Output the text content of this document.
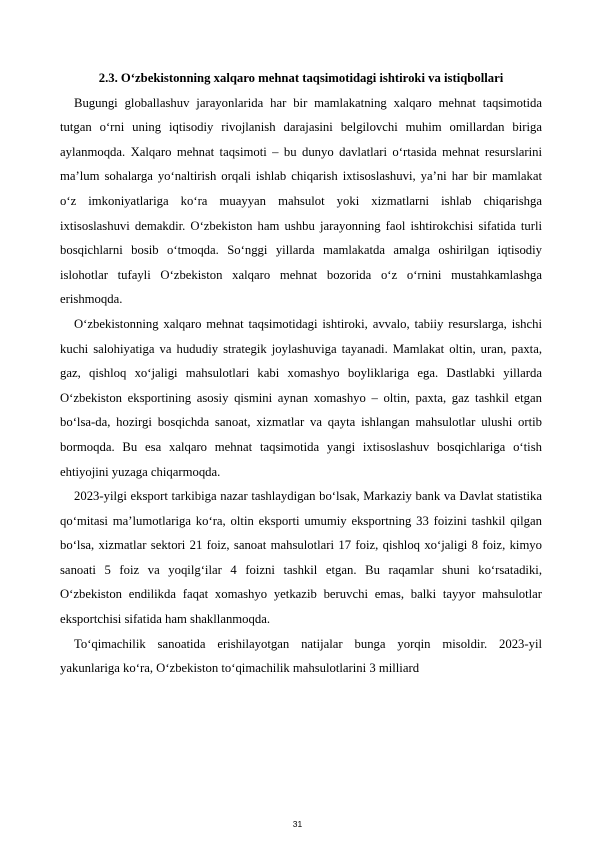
2.3. O‘zbekistonning xalqaro mehnat taqsimotidagi ishtiroki va istiqbollari

Bugungi globallashuv jarayonlarida har bir mamlakatning xalqaro mehnat taqsimotida tutgan o‘rni uning iqtisodiy rivojlanish darajasini belgilovchi muhim omillardan biriga aylanmoqda. Xalqaro mehnat taqsimoti – bu dunyo davlatlari o‘rtasida mehnat resurslarini ma’lum sohalarga yo‘naltirish orqali ishlab chiqarish ixtisoslashuvi, ya’ni har bir mamlakat o‘z imkoniyatlariga ko‘ra muayyan mahsulot yoki xizmatlarni ishlab chiqarishga ixtisoslashuvi demakdir. O‘zbekiston ham ushbu jarayonning faol ishtirokchisi sifatida turli bosqichlarni bosib o‘tmoqda. So‘nggi yillarda mamlakatda amalga oshirilgan iqtisodiy islohotlar tufayli O‘zbekiston xalqaro mehnat bozorida o‘z o‘rnini mustahkamlashga erishmoqda.

O‘zbekistonning xalqaro mehnat taqsimotidagi ishtiroki, avvalo, tabiiy resurslarga, ishchi kuchi salohiyatiga va hududiy strategik joylashuviga tayanadi. Mamlakat oltin, uran, paxta, gaz, qishloq xo‘jaligi mahsulotlari kabi xomashyo boyliklariga ega. Dastlabki yillarda O‘zbekiston eksportining asosiy qismini aynan xomashyo – oltin, paxta, gaz tashkil etgan bo‘lsa-da, hozirgi bosqichda sanoat, xizmatlar va qayta ishlangan mahsulotlar ulushi ortib bormoqda. Bu esa xalqaro mehnat taqsimotida yangi ixtisoslashuv bosqichlariga o‘tish ehtiyojini yuzaga chiqarmoqda.

2023-yilgi eksport tarkibiga nazar tashlaydigan bo‘lsak, Markaziy bank va Davlat statistika qo‘mitasi ma’lumotlariga ko‘ra, oltin eksporti umumiy eksportning 33 foizini tashkil qilgan bo‘lsa, xizmatlar sektori 21 foiz, sanoat mahsulotlari 17 foiz, qishloq xo‘jaligi 8 foiz, kimyo sanoati 5 foiz va yoqilg‘ilar 4 foizni tashkil etgan. Bu raqamlar shuni ko‘rsatadiki, O‘zbekiston endilikda faqat xomashyo yetkazib beruvchi emas, balki tayyor mahsulotlar eksportchisi sifatida ham shakllanmoqda.

To‘qimachilik sanoatida erishilayotgan natijalar bunga yorqin misoldir. 2023-yil yakunlariga ko‘ra, O‘zbekiston to‘qimachilik mahsulotlarini 3 milliard

31
